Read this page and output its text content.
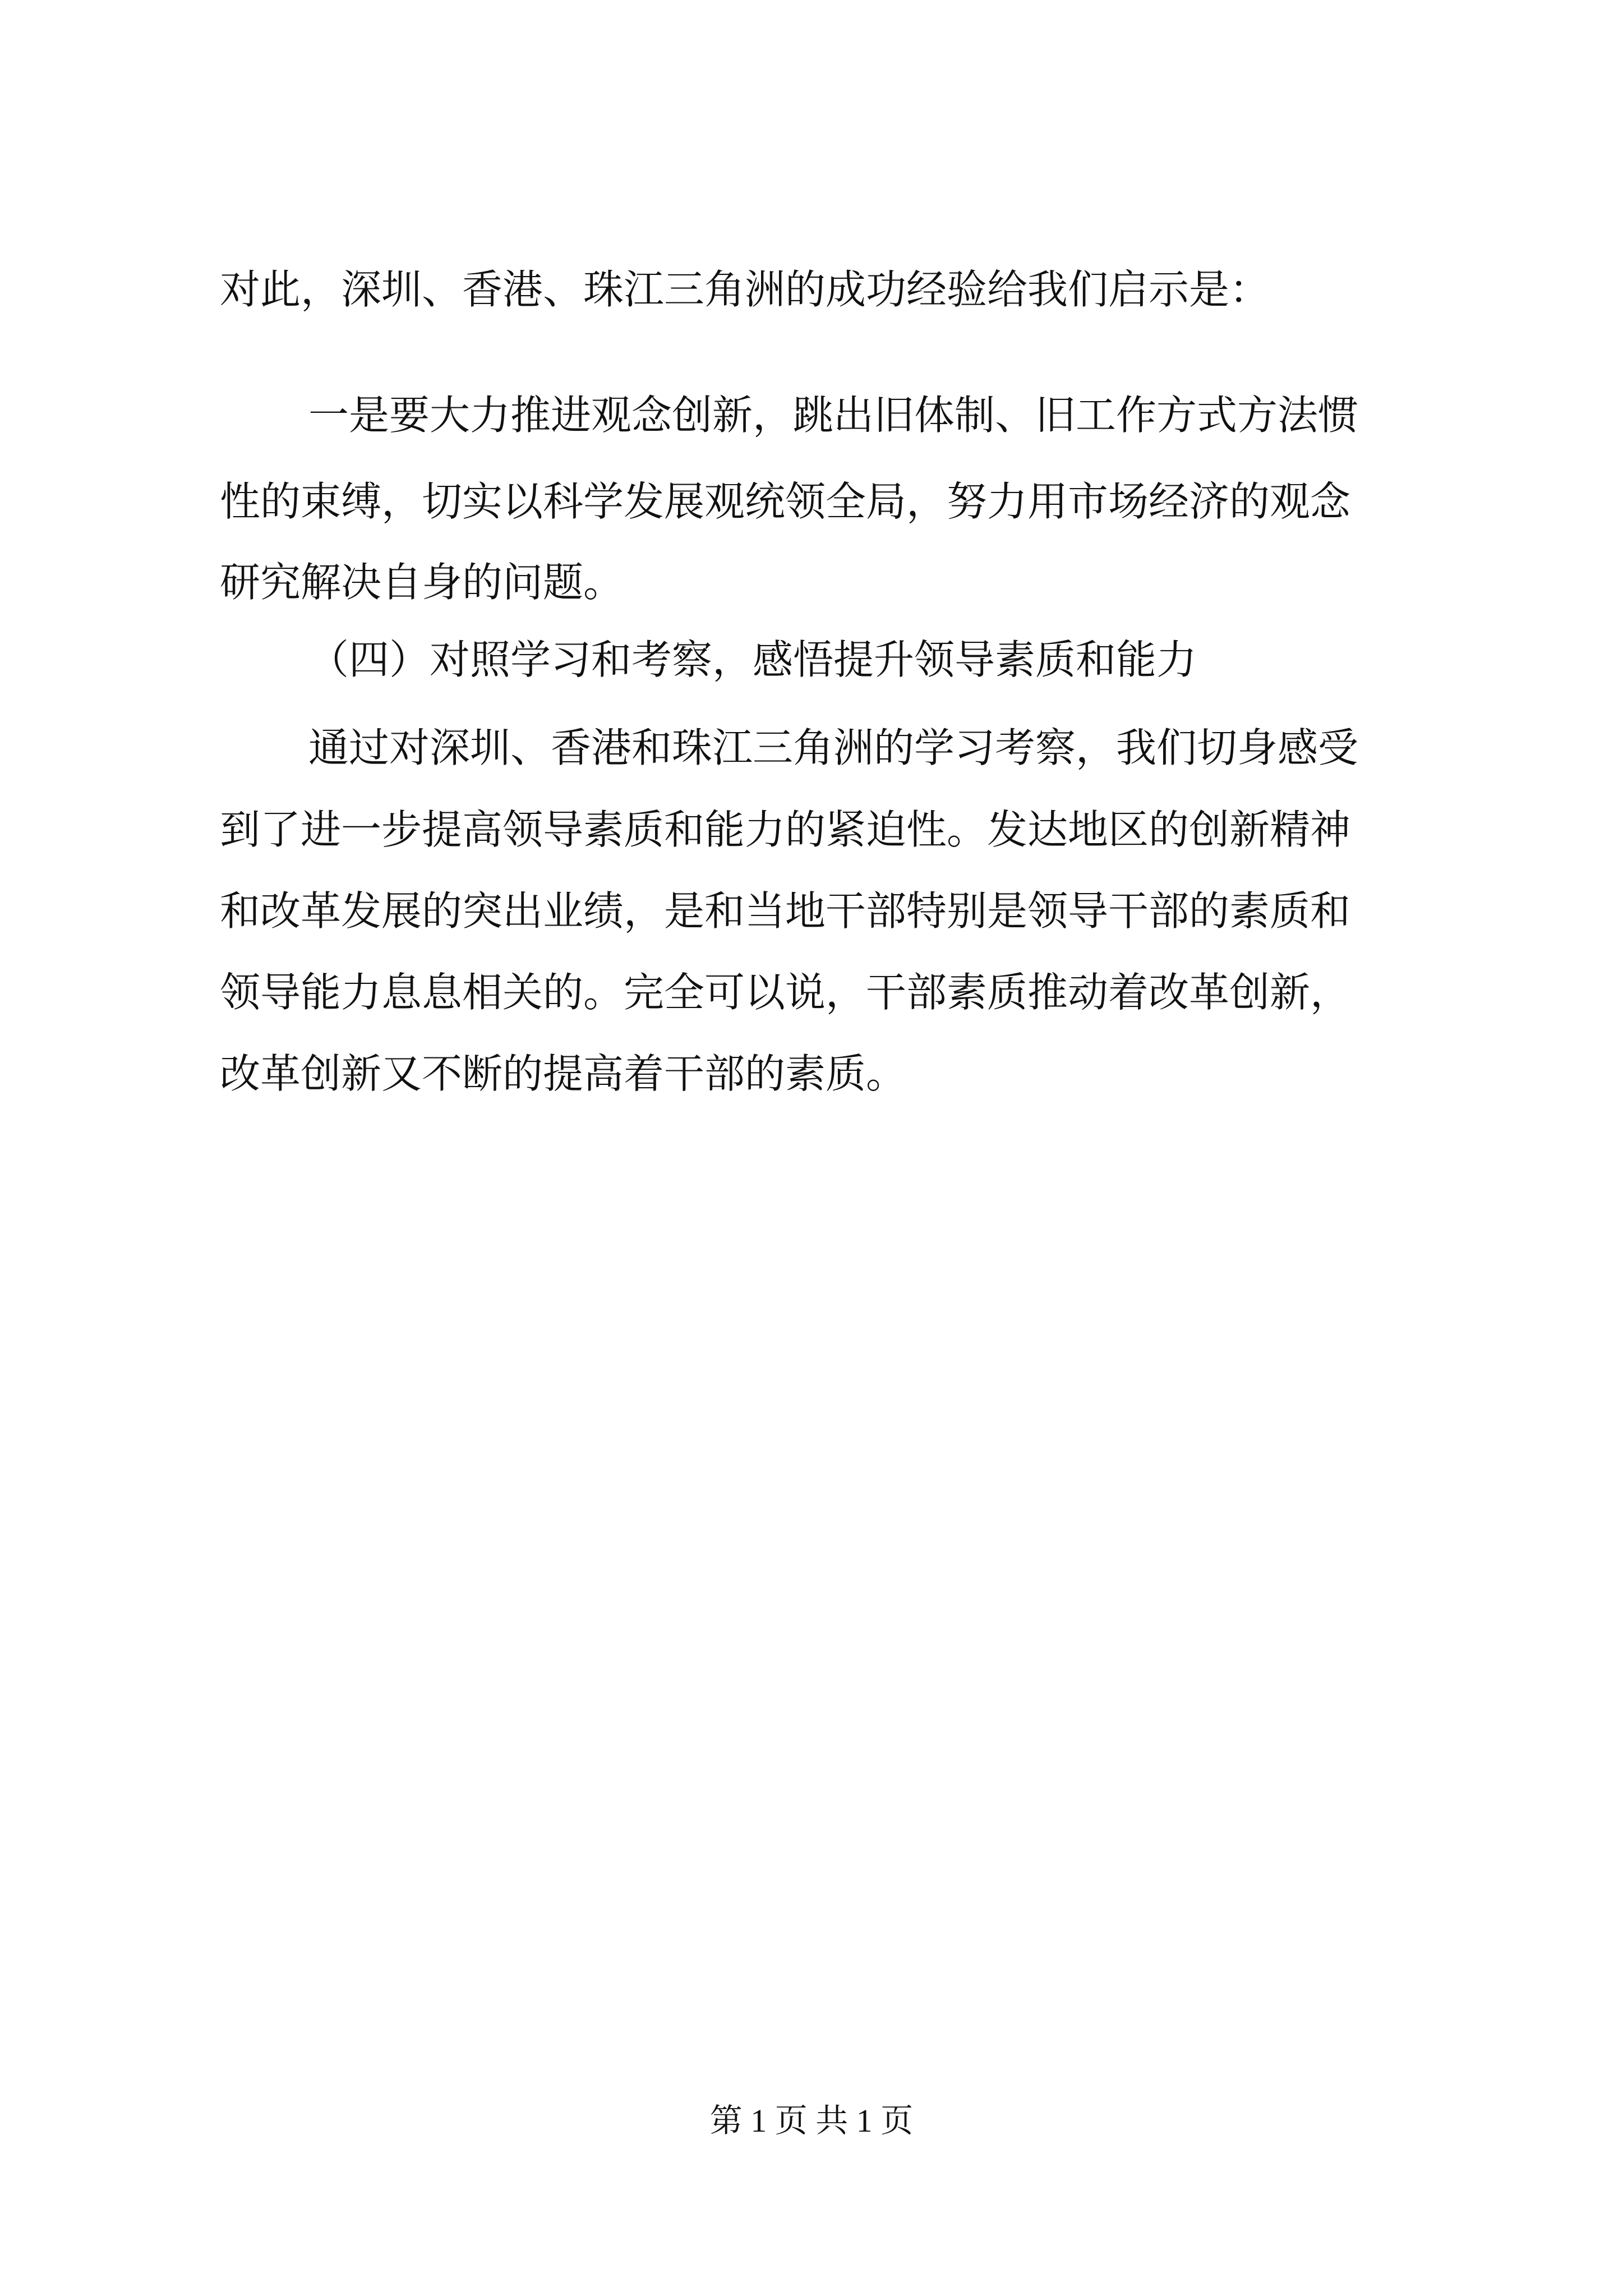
对此，深圳、香港、珠江三角洲的成功经验给我们启示是：
一是要大力推进观念创新，跳出旧体制、旧工作方式方法惯
性的束缚，切实以科学发展观统领全局，努力用市场经济的观念
研究解决自身的问题。
（四）对照学习和考察，感悟提升领导素质和能力
通过对深圳、香港和珠江三角洲的学习考察，我们切身感受
到了进一步提高领导素质和能力的紧迫性。发达地区的创新精神
和改革发展的突出业绩，是和当地干部特别是领导干部的素质和
领导能力息息相关的。完全可以说，干部素质推动着改革创新，
改革创新又不断的提高着干部的素质。
第 1 页 共 1 页
